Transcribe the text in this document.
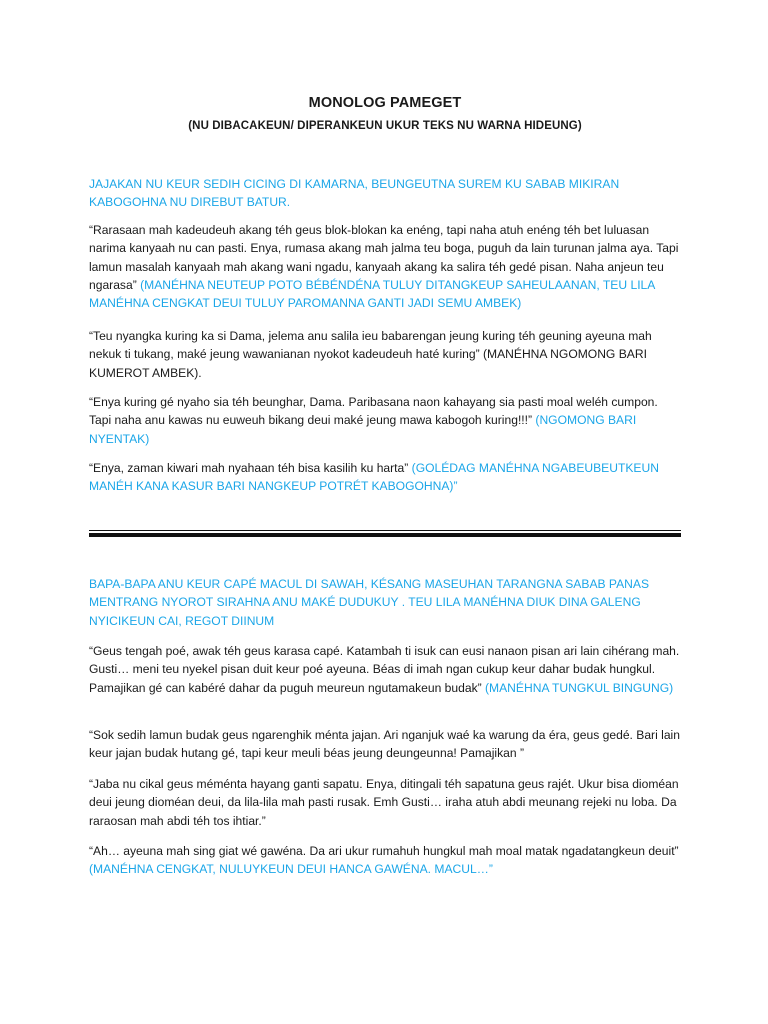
MONOLOG PAMEGET
(NU DIBACAKEUN/ DIPERANKEUN UKUR TEKS NU WARNA HIDEUNG)

JAJAKAN NU KEUR SEDIH CICING DI KAMARNA, BEUNGEUTNA SUREM KU SABAB MIKIRAN KABOGOHNA NU DIREBUT BATUR.

“Rarasaan mah kadeudeuh akang téh geus blok-blokan ka enéng, tapi naha atuh enéng téh bet luluasan narima kanyaah nu can pasti. Enya, rumasa akang mah jalma teu boga, puguh da lain turunan jalma aya. Tapi lamun masalah kanyaah mah akang wani ngadu, kanyaah akang ka salira téh gedé pisan. Naha anjeun teu ngarasa” (MANÉHNA NEUTEUP POTO BÉBÉNDÉNA TULUY DITANGKEUP SAHEULAANAN, TEU LILA MANÉHNA CENGKAT DEUI TULUY PAROMANNA GANTI JADI SEMU AMBEK)

“Teu nyangka kuring ka si Dama, jelema anu salila ieu babarengan jeung kuring téh geuning ayeuna mah nekuk ti tukang, maké jeung wawanianan nyokot kadeudeuh haté kuring” (MANÉHNA NGOMONG BARI KUMEROT AMBEK).

“Enya kuring gé nyaho sia téh beunghar, Dama. Paribasana naon kahayang sia pasti moal weléh cumpon. Tapi naha anu kawas nu euweuh bikang deui maké jeung mawa kabogoh kuring!!!” (NGOMONG BARI NYENTAK)

“Enya, zaman kiwari mah nyahaan téh bisa kasilih ku harta” (GOLÉDAG MANÉHNA NGABEUBEUTKEUN MANÉH KANA KASUR BARI NANGKEUP POTRÉT KABOGOHNA)”

BAPA-BAPA ANU KEUR CAPÉ MACUL DI SAWAH, KÉSANG MASEUHAN TARANGNA SABAB PANAS MENTRANG NYOROT SIRAHNA ANU MAKÉ DUDUKUY . TEU LILA MANÉHNA DIUK DINA GALENG NYICIKEUN CAI, REGOT DIINUM

“Geus tengah poé, awak téh geus karasa capé. Katambah ti isuk can eusi nanaon pisan ari lain cihérang mah. Gusti… meni teu nyekel pisan duit keur poé ayeuna. Béas di imah ngan cukup keur dahar budak hungkul. Pamajikan gé can kabéré dahar da puguh meureun ngutamakeun budak” (MANÉHNA TUNGKUL BINGUNG)

“Sok sedih lamun budak geus ngarenghik ménta jajan. Ari nganjuk waé ka warung da éra, geus gedé. Bari lain keur jajan budak hutang gé, tapi keur meuli béas jeung deungeunna! Pamajikan ”

“Jaba nu cikal geus méménta hayang ganti sapatu. Enya, ditingali téh sapatuna geus rajét. Ukur bisa dioméan deui jeung dioméan deui, da lila-lila mah pasti rusak. Emh Gusti… iraha atuh abdi meunang rejeki nu loba. Da raraosan mah abdi téh tos ihtiar.”

“Ah… ayeuna mah sing giat wé gawéna. Da ari ukur rumahuh hungkul mah moal matak ngadatangkeun deuit” (MANÉHNA CENGKAT, NULUYKEUN DEUI HANCA GAWÉNA. MACUL…”
